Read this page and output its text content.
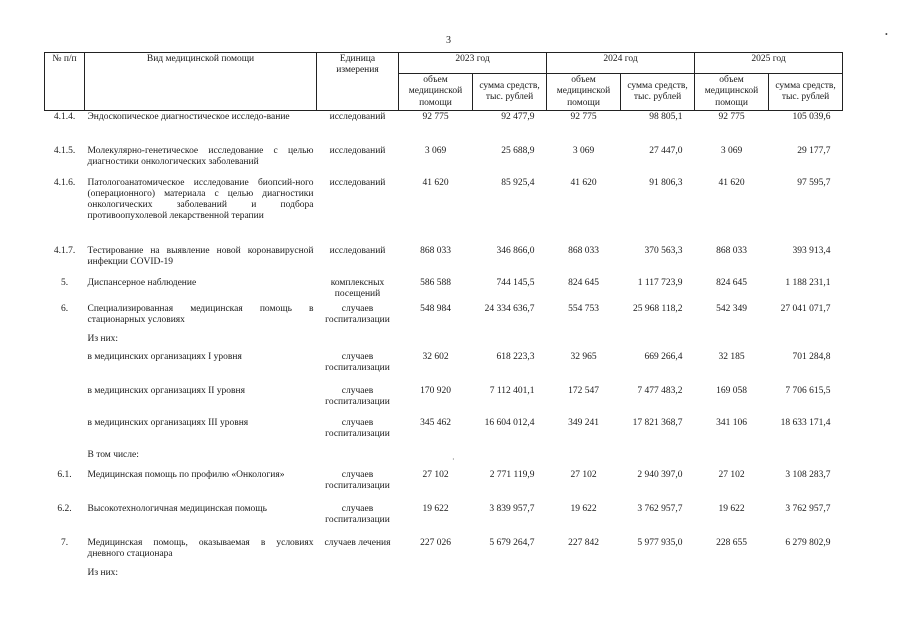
3
•
·
№ п/п	Вид медицинской помощи	Единица измерения	2023 год		2024 год		2025 год	
			объем медицинской помощи	сумма средств, тыс. рублей	объем медицинской помощи	сумма средств, тыс. рублей	объем медицинской помощи	сумма средств, тыс. рублей
4.1.4.	Эндоскопическое диагностическое исследо-вание	исследований	92 775	92 477,9	92 775	98 805,1	92 775	105 039,6
4.1.5.	Молекулярно-генетическое исследование с целью диагностики онкологических заболеваний	исследований	3 069	25 688,9	3 069	27 447,0	3 069	29 177,7
4.1.6.	Патологоанатомическое исследование биопсий-ного (операционного) материала с целью диагностики онкологических заболеваний и подбора противоопухолевой лекарственной терапии	исследований	41 620	85 925,4	41 620	91 806,3	41 620	97 595,7
4.1.7.	Тестирование на выявление новой коронавирусной инфекции COVID-19	исследований	868 033	346 866,0	868 033	370 563,3	868 033	393 913,4
5.	Диспансерное наблюдение	комплексных посещений	586 588	744 145,5	824 645	1 117 723,9	824 645	1 188 231,1
6.	Специализированная медицинская помощь в стационарных условиях	случаев госпитализации	548 984	24 334 636,7	554 753	25 968 118,2	542 349	27 041 071,7
	Из них:							
	в медицинских организациях I уровня	случаев госпитализации	32 602	618 223,3	32 965	669 266,4	32 185	701 284,8
	в медицинских организациях II уровня	случаев госпитализации	170 920	7 112 401,1	172 547	7 477 483,2	169 058	7 706 615,5
	в медицинских организациях III уровня	случаев госпитализации	345 462	16 604 012,4	349 241	17 821 368,7	341 106	18 633 171,4
	В том числе:							
6.1.	Медицинская помощь по профилю «Онкология»	случаев госпитализации	27 102	2 771 119,9	27 102	2 940 397,0	27 102	3 108 283,7
6.2.	Высокотехнологичная медицинская помощь	случаев госпитализации	19 622	3 839 957,7	19 622	3 762 957,7	19 622	3 762 957,7
7.	Медицинская помощь, оказываемая в условиях дневного стационара	случаев лечения	227 026	5 679 264,7	227 842	5 977 935,0	228 655	6 279 802,9
	Из них:							
